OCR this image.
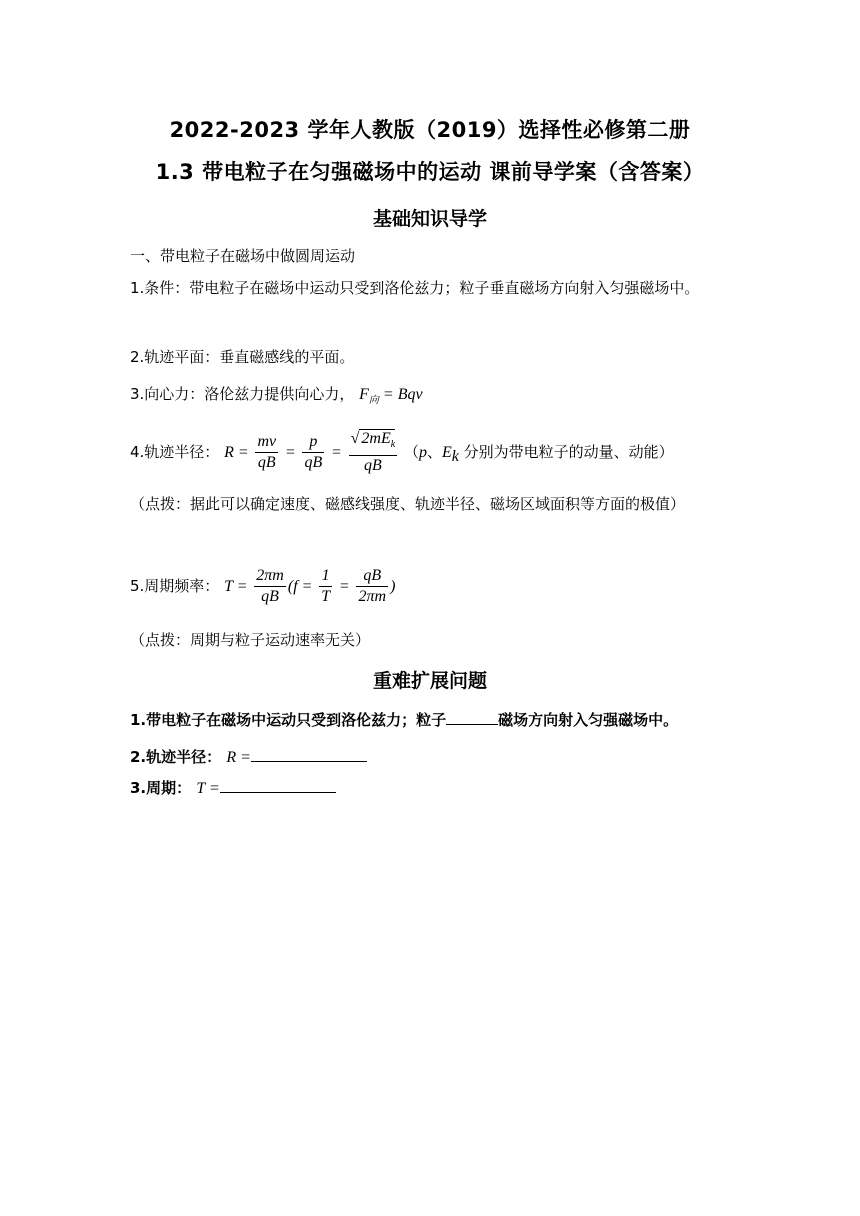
2022-2023 学年人教版（2019）选择性必修第二册
1.3 带电粒子在匀强磁场中的运动 课前导学案（含答案）
基础知识导学
一、带电粒子在磁场中做圆周运动
1.条件：带电粒子在磁场中运动只受到洛伦兹力；粒子垂直磁场方向射入匀强磁场中。
2.轨迹平面：垂直磁感线的平面。
3.向心力：洛伦兹力提供向心力， $F_向$ = Bqv
4.轨迹半径： $R = \frac{mv}{qB} = \frac{p}{qB} = \frac{√ 2mE_k}{qB} (p$、$E_k$ 分别为带电粒子的动量、动能）
（点拨：据此可以确定速度、磁感线强度、轨迹半径、磁场区域面积等方面的极值）
5.周期频率： $T = \frac{2\pi m}{qB} (f = \frac{1}{T} = \frac{qB}{2\pi m}$ )
（点拨：周期与粒子运动速率无关）
重难扩展问题
1.带电粒子在磁场中运动只受到洛伦兹力；粒子	磁场方向射入匀强磁场中。
2.轨迹半径： R =
3.周期： T =
